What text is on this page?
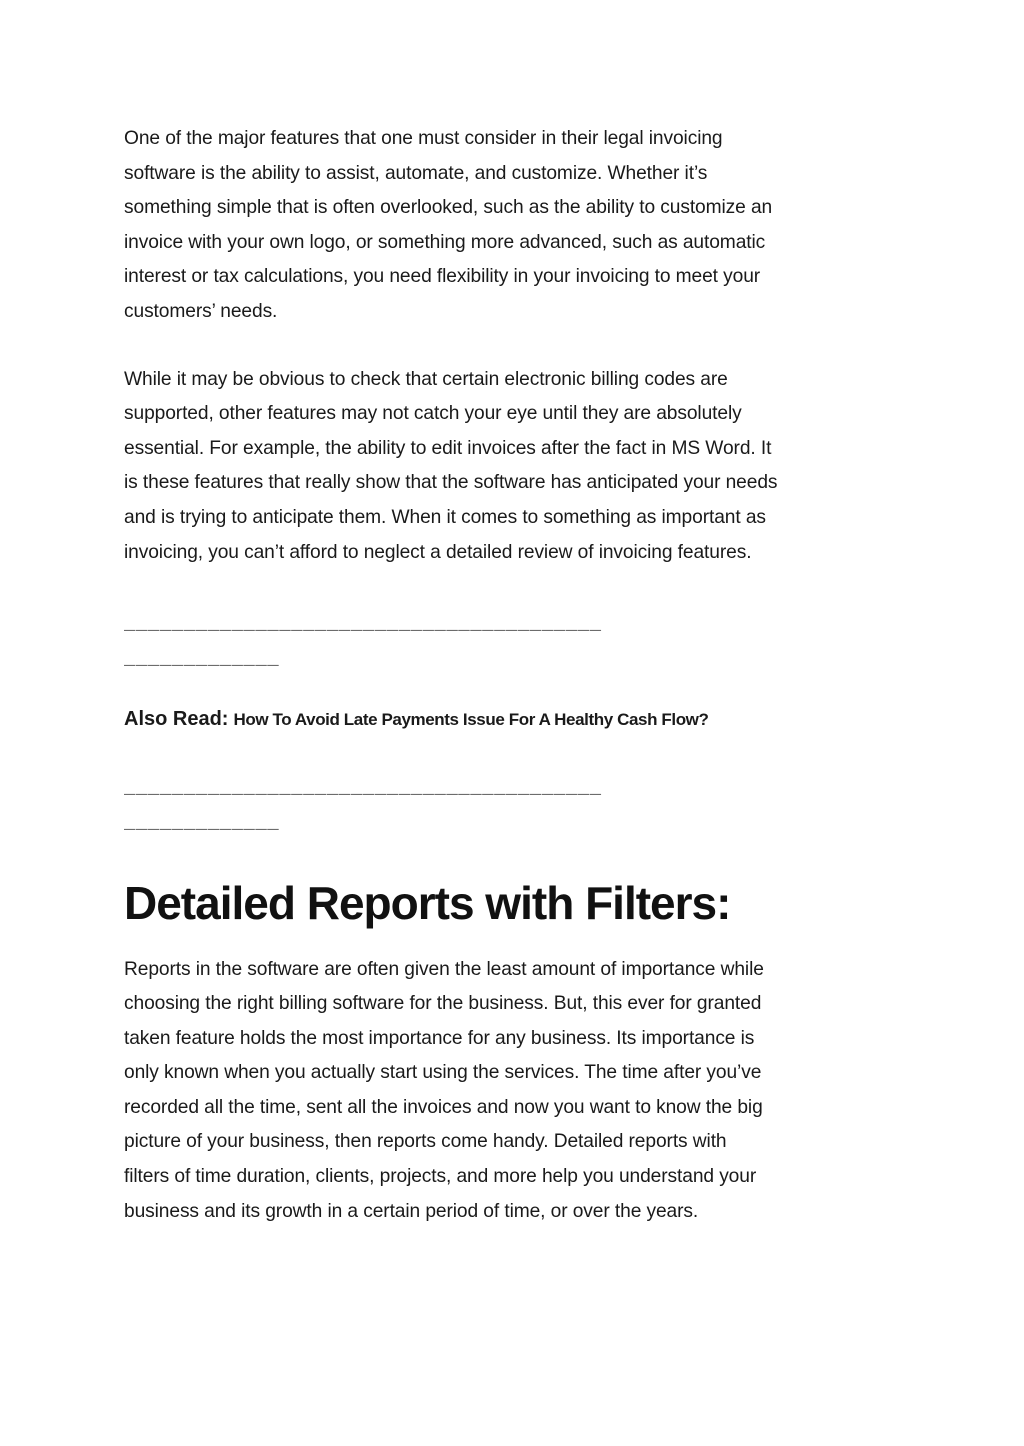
One of the major features that one must consider in their legal invoicing
software is the ability to assist, automate, and customize. Whether it’s
something simple that is often overlooked, such as the ability to customize an
invoice with your own logo, or something more advanced, such as automatic
interest or tax calculations, you need flexibility in your invoicing to meet your
customers’ needs.

While it may be obvious to check that certain electronic billing codes are
supported, other features may not catch your eye until they are absolutely
essential. For example, the ability to edit invoices after the fact in MS Word. It
is these features that really show that the software has anticipated your needs
and is trying to anticipate them. When it comes to something as important as
invoicing, you can’t afford to neglect a detailed review of invoicing features.

________________________________________
_____________

Also Read: How To Avoid Late Payments Issue For A Healthy Cash Flow?

________________________________________
_____________
Detailed Reports with Filters:

Reports in the software are often given the least amount of importance while
choosing the right billing software for the business. But, this ever for granted
taken feature holds the most importance for any business. Its importance is
only known when you actually start using the services. The time after you’ve
recorded all the time, sent all the invoices and now you want to know the big
picture of your business, then reports come handy. Detailed reports with
filters of time duration, clients, projects, and more help you understand your
business and its growth in a certain period of time, or over the years.
